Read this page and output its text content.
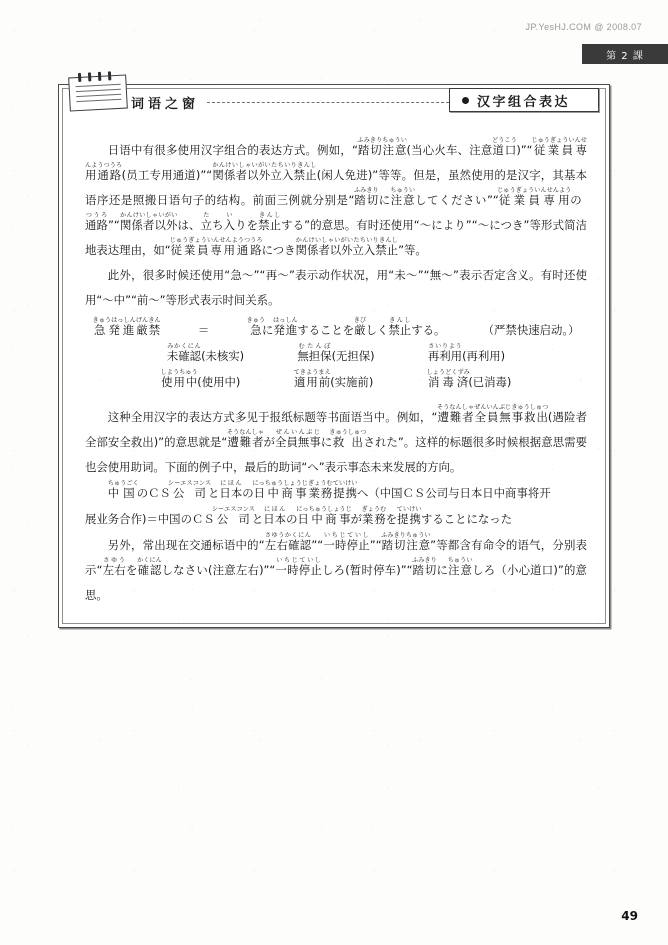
JP.YesHJ.COM @ 2008.07
第 2 課
词语之窗	汉字组合表达

日语中有很多使用汉字组合的表达方式。例如，“踏切注意ふみきりちゅうい(当心火车、注意道口どうこう)”“従業員専用通路じゅうぎょういんせんようつうろ(员工专用通道)”“関係者以外立入禁止かんけいしゃいがいたちいりきんし(闲人免进)”等等。但是，虽然使用的是汉字，其基本语序还是照搬日语句子的结构。前面三例就分别是“踏切ふみきりに注意ちゅういしてください”“従業員専用じゅうぎょういんせんようの通路つうろ”“関係者以外かんけいしゃいがいは、立たち入いりを禁止きんしする”的意思。有时还使用“～により”“～につき”等形式简洁地表达理由，如“従業員専用通路じゅうぎょういんせんようつうろにつき関係者以外立入禁止かんけいしゃいがいたちいりきんし”等。

此外，很多时候还使用“急～”“再～”表示动作状况，用“未～”“無～”表示否定含义。有时还使用“～中”“前～”等形式表示时间关系。

急発進きゅうはっしん厳禁げんきん  ＝	急きゅうに発進はっしんすることを厳きびしく禁止きんしする。	（严禁快速启动。）
未確認みかくにん(未核实)	無担保むたんぽ(无担保)	再利用さいりよう(再利用)
使用中しようちゅう(使用中)	適用前てきようまえ(实施前)	消毒済しょうどくずみ(已消毒)

这种全用汉字的表达方式多见于报纸标题等书面语当中。例如，“遭難者全員無事救出そうなんしゃぜんいんぶじきゅうしゅつ(遇险者全部安全救出)”的意思就是“遭難者そうなんしゃが全員無事ぜんいんぶじに救出きゅうしゅつされた”。这样的标题很多时候根据意思需要也会使用助词。下面的例子中，最后的助词“へ”表示事态未来发展的方向。

中国ちゅうごくのＣＳ公司シーエスコンスと日本にほんの日中商事にっちゅうしょうじ業務提携ぎょうむていけいへ（中国ＣＳ公司与日本日中商事将开

展业务合作)＝中国のＣＳ公司シーエスコンスと日本にほんの日中商事にっちゅうしょうじが業務ぎょうむを提携ていけいすることになった

另外，常出现在交通标语中的“左右確認さゆうかくにん”“一時停止いちじていし”“踏切注意ふみきりちゅうい”等都含有命令的语气，分别表示“左右さゆうを確認かくにんしなさい(注意左右)”“一時停止いちじていししろ(暂时停车)”“踏切ふみきりに注意ちゅういしろ（小心道口)”的意思。

49
